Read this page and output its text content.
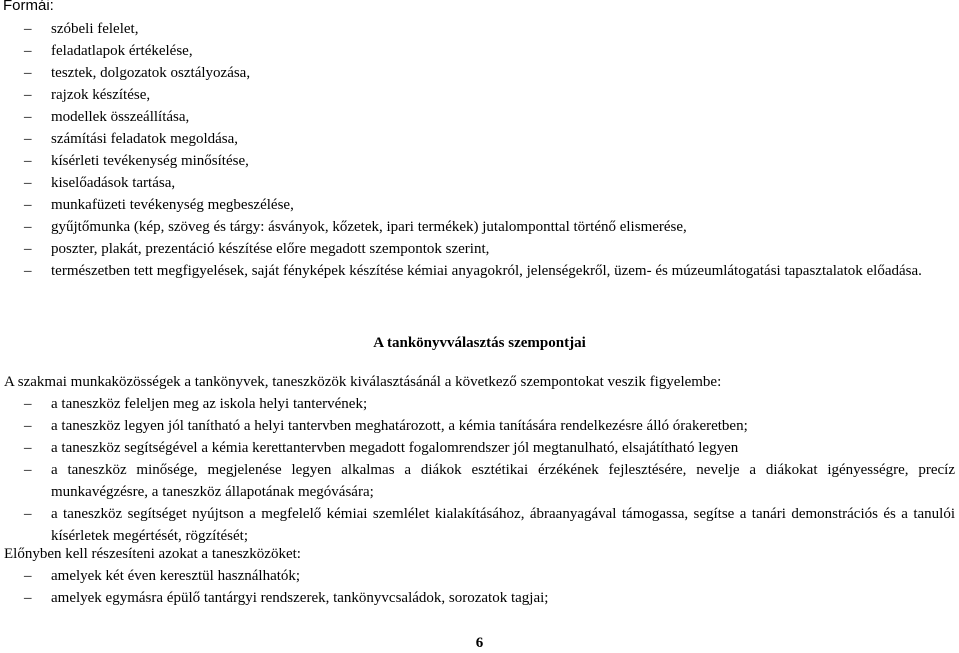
Formái:
–	szóbeli felelet,
–	feladatlapok értékelése,
–	tesztek, dolgozatok osztályozása,
–	rajzok készítése,
–	modellek összeállítása,
–	számítási feladatok megoldása,
–	kísérleti tevékenység minősítése,
–	kiselőadások tartása,
–	munkafüzeti tevékenység megbeszélése,
–	gyűjtőmunka (kép, szöveg és tárgy: ásványok, kőzetek, ipari termékek) jutalomponttal történő elismerése,
–	poszter, plakát, prezentáció készítése előre megadott szempontok szerint,
–	természetben tett megfigyelések, saját fényképek készítése kémiai anyagokról, jelenségekről, üzem- és múzeumlátogatási tapasztalatok előadása.
A tankönyvválasztás szempontjai
A szakmai munkaközösségek a tankönyvek, taneszközök kiválasztásánál a következő szempontokat veszik figyelembe:
– a taneszköz feleljen meg az iskola helyi tantervének;
– a taneszköz legyen jól tanítható a helyi tantervben meghatározott, a kémia tanítására rendelkezésre álló órakeretben;
– a taneszköz segítségével a kémia kerettantervben megadott fogalomrendszer jól megtanulható, elsajátítható legyen
– a taneszköz minősége, megjelenése legyen alkalmas a diákok esztétikai érzékének fejlesztésére, nevelje a diákokat igényességre, precíz munkavégzésre, a taneszköz állapotának megóvására;
– a taneszköz segítséget nyújtson a megfelelő kémiai szemlélet kialakításához, ábraanyagával támogassa, segítse a tanári demonstrációs és a tanulói kísérletek megértését, rögzítését;
Előnyben kell részesíteni azokat a taneszközöket:
–	amelyek két éven keresztül használhatók;
–	amelyek egymásra épülő tantárgyi rendszerek, tankönyvcsaládok, sorozatok tagjai;
6
